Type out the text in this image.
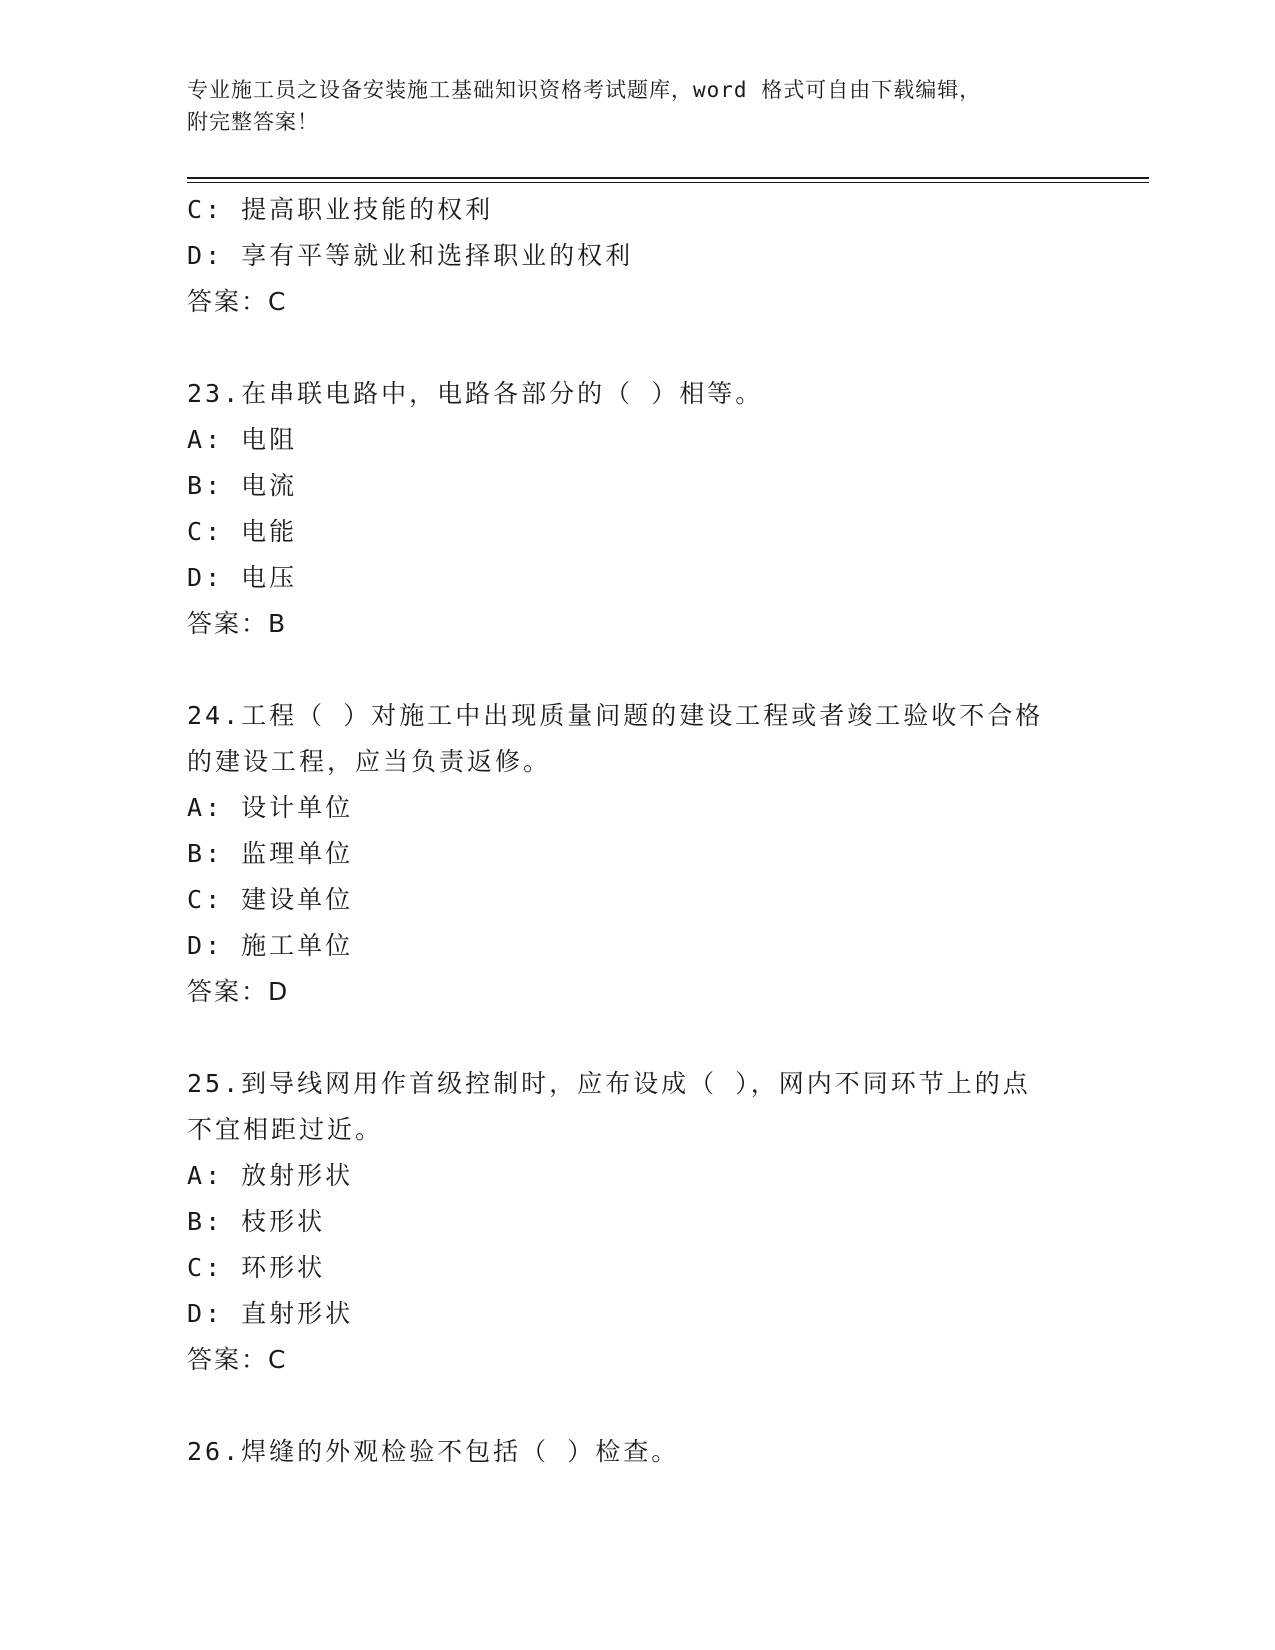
专业施工员之设备安装施工基础知识资格考试题库，word 格式可自由下载编辑，
附完整答案！
C: 提高职业技能的权利
D: 享有平等就业和选择职业的权利
答案：C
23.在串联电路中，电路各部分的（ ）相等。
A: 电阻
B: 电流
C: 电能
D: 电压
答案：B
24.工程（ ）对施工中出现质量问题的建设工程或者竣工验收不合格
的建设工程，应当负责返修。
A: 设计单位
B: 监理单位
C: 建设单位
D: 施工单位
答案：D
25.到导线网用作首级控制时，应布设成（ ），网内不同环节上的点
不宜相距过近。
A: 放射形状
B: 枝形状
C: 环形状
D: 直射形状
答案：C
26.焊缝的外观检验不包括（ ）检查。
